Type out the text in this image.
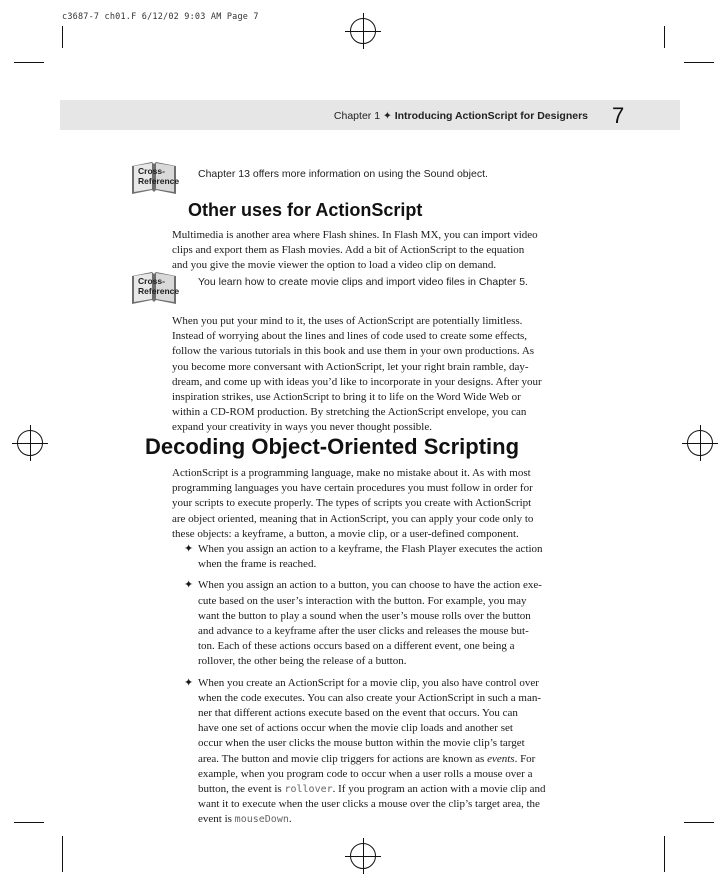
c3687-7 ch01.F 6/12/02 9:03 AM Page 7
Chapter 1 ✦ Introducing ActionScript for Designers 7
Cross-
Reference
Chapter 13 offers more information on using the Sound object.
Other uses for ActionScript

Multimedia is another area where Flash shines. In Flash MX, you can import video

clips and export them as Flash movies. Add a bit of ActionScript to the equation

and you give the movie viewer the option to load a video clip on demand.

Cross-
Reference
You learn how to create movie clips and import video files in Chapter 5.

When you put your mind to it, the uses of ActionScript are potentially limitless.

Instead of worrying about the lines and lines of code used to create some effects,

follow the various tutorials in this book and use them in your own productions. As

you become more conversant with ActionScript, let your right brain ramble, day-

dream, and come up with ideas you’d like to incorporate in your designs. After your

inspiration strikes, use ActionScript to bring it to life on the Word Wide Web or

within a CD-ROM production. By stretching the ActionScript envelope, you can

expand your creativity in ways you never thought possible.

Decoding Object-Oriented Scripting

ActionScript is a programming language, make no mistake about it. As with most

programming languages you have certain procedures you must follow in order for

your scripts to execute properly. The types of scripts you create with ActionScript

are object oriented, meaning that in ActionScript, you can apply your code only to

these objects: a keyframe, a button, a movie clip, or a user-defined component.

✦ When you assign an action to a keyframe, the Flash Player executes the action
when the frame is reached.
✦ When you assign an action to a button, you can choose to have the action exe-
cute based on the user’s interaction with the button. For example, you may
want the button to play a sound when the user’s mouse rolls over the button
and advance to a keyframe after the user clicks and releases the mouse but-
ton. Each of these actions occurs based on a different event, one being a
rollover, the other being the release of a button.
✦ When you create an ActionScript for a movie clip, you also have control over
when the code executes. You can also create your ActionScript in such a man-
ner that different actions execute based on the event that occurs. You can
have one set of actions occur when the movie clip loads and another set
occur when the user clicks the mouse button within the movie clip’s target
area. The button and movie clip triggers for actions are known as events. For
example, when you program code to occur when a user rolls a mouse over a
button, the event is rollover. If you program an action with a movie clip and
want it to execute when the user clicks a mouse over the clip’s target area, the
event is mouseDown.
